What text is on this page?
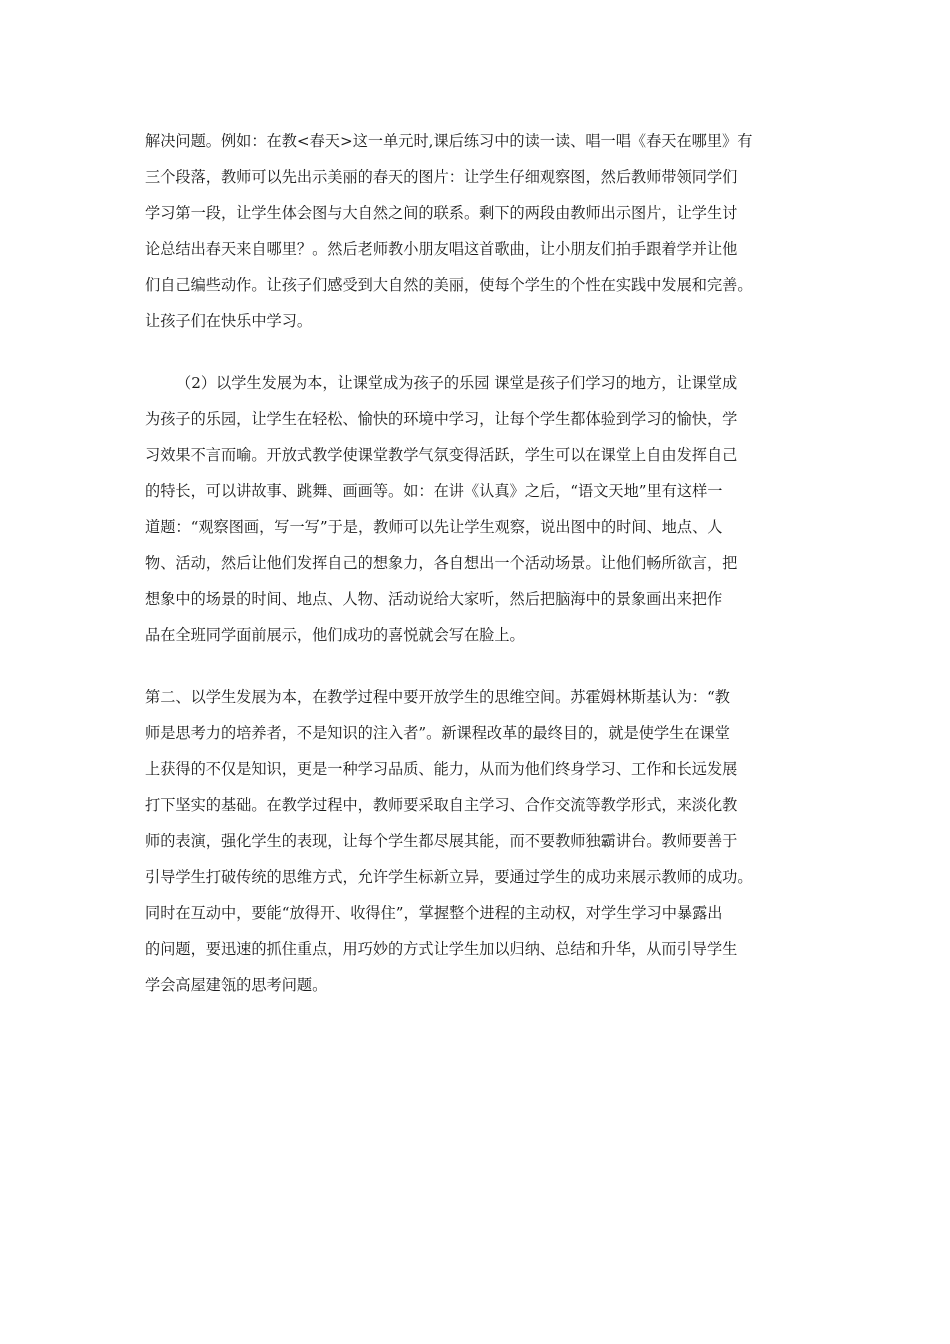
解决问题。例如：在教<春天>这一单元时,课后练习中的读一读、唱一唱《春天在哪里》有
三个段落，教师可以先出示美丽的春天的图片：让学生仔细观察图，然后教师带领同学们
学习第一段，让学生体会图与大自然之间的联系。剩下的两段由教师出示图片，让学生讨
论总结出春天来自哪里？。然后老师教小朋友唱这首歌曲，让小朋友们拍手跟着学并让他
们自己编些动作。让孩子们感受到大自然的美丽，使每个学生的个性在实践中发展和完善。
让孩子们在快乐中学习。
（2）以学生发展为本，让课堂成为孩子的乐园 课堂是孩子们学习的地方，让课堂成
为孩子的乐园，让学生在轻松、愉快的环境中学习，让每个学生都体验到学习的愉快，学
习效果不言而喻。开放式教学使课堂教学气氛变得活跃，学生可以在课堂上自由发挥自己
的特长，可以讲故事、跳舞、画画等。如：在讲《认真》之后，“语文天地”里有这样一
道题：“观察图画，写一写”于是，教师可以先让学生观察，说出图中的时间、地点、人
物、活动，然后让他们发挥自己的想象力，各自想出一个活动场景。让他们畅所欲言，把
想象中的场景的时间、地点、人物、活动说给大家听，然后把脑海中的景象画出来把作
品在全班同学面前展示，他们成功的喜悦就会写在脸上。
第二、以学生发展为本，在教学过程中要开放学生的思维空间。苏霍姆林斯基认为：“教
师是思考力的培养者，不是知识的注入者”。新课程改革的最终目的，就是使学生在课堂
上获得的不仅是知识，更是一种学习品质、能力，从而为他们终身学习、工作和长远发展
打下坚实的基础。在教学过程中，教师要采取自主学习、合作交流等教学形式，来淡化教
师的表演，强化学生的表现，让每个学生都尽展其能，而不要教师独霸讲台。教师要善于
引导学生打破传统的思维方式，允许学生标新立异，要通过学生的成功来展示教师的成功。
同时在互动中，要能“放得开、收得住”，掌握整个进程的主动权，对学生学习中暴露出
的问题，要迅速的抓住重点，用巧妙的方式让学生加以归纳、总结和升华，从而引导学生
学会高屋建瓴的思考问题。
